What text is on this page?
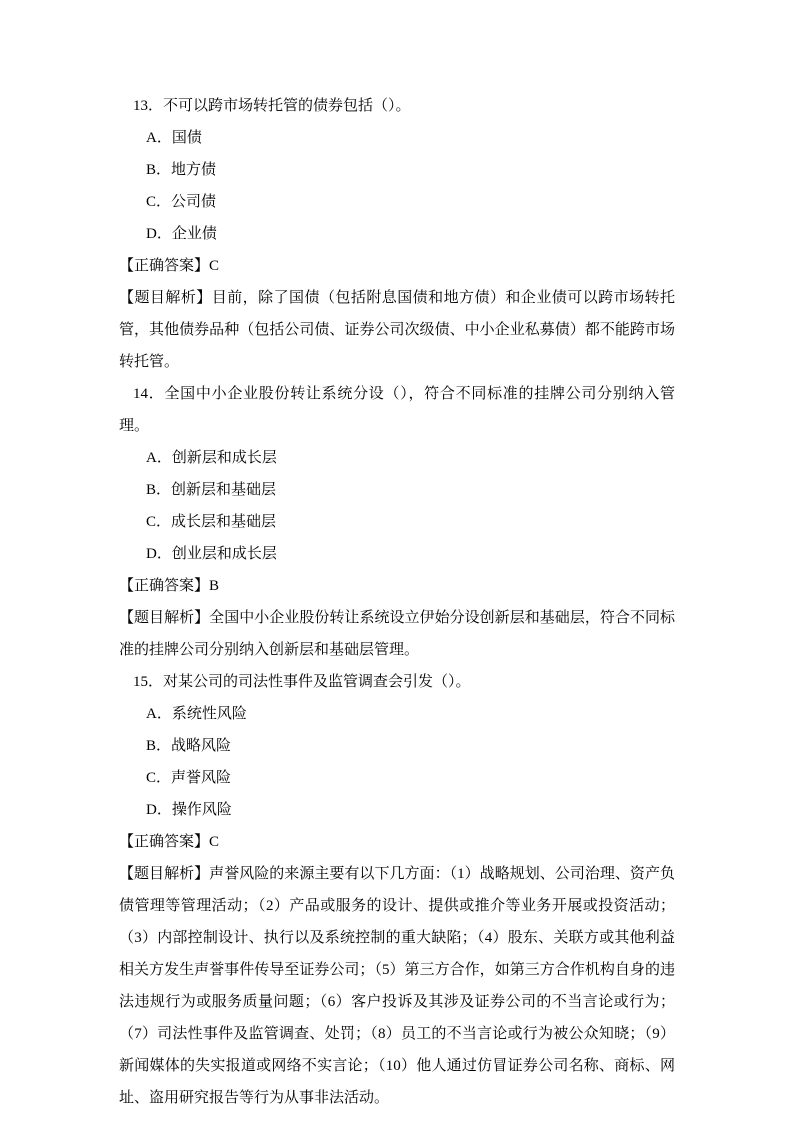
13．不可以跨市场转托管的债券包括（）。

A．国债

B．地方债

C．公司债

D．企业债

【正确答案】C

【题目解析】目前，除了国债（包括附息国债和地方债）和企业债可以跨市场转托管，其他债券品种（包括公司债、证券公司次级债、中小企业私募债）都不能跨市场转托管。

14．全国中小企业股份转让系统分设（），符合不同标准的挂牌公司分别纳入管理。

A．创新层和成长层

B．创新层和基础层

C．成长层和基础层

D．创业层和成长层

【正确答案】B

【题目解析】全国中小企业股份转让系统设立伊始分设创新层和基础层，符合不同标准的挂牌公司分别纳入创新层和基础层管理。

15．对某公司的司法性事件及监管调查会引发（）。

A．系统性风险

B．战略风险

C．声誉风险

D．操作风险

【正确答案】C

【题目解析】声誉风险的来源主要有以下几方面：（1）战略规划、公司治理、资产负债管理等管理活动；（2）产品或服务的设计、提供或推介等业务开展或投资活动；（3）内部控制设计、执行以及系统控制的重大缺陷；（4）股东、关联方或其他利益相关方发生声誉事件传导至证券公司；（5）第三方合作，如第三方合作机构自身的违法违规行为或服务质量问题；（6）客户投诉及其涉及证券公司的不当言论或行为；（7）司法性事件及监管调查、处罚；（8）员工的不当言论或行为被公众知晓；（9）新闻媒体的失实报道或网络不实言论；（10）他人通过仿冒证券公司名称、商标、网址、盗用研究报告等行为从事非法活动。
